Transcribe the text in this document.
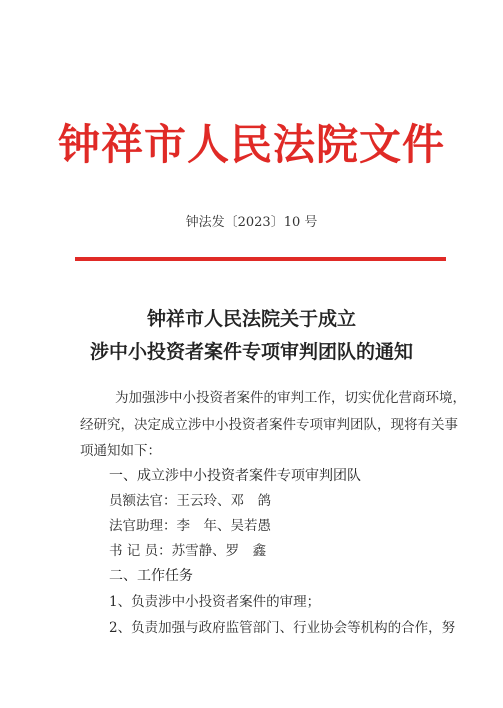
钟祥市人民法院文件
钟法发〔2023〕10 号
钟祥市人民法院关于成立
涉中小投资者案件专项审判团队的通知
为加强涉中小投资者案件的审判工作，切实优化营商环境，
经研究，决定成立涉中小投资者案件专项审判团队，现将有关事
项通知如下：
一、成立涉中小投资者案件专项审判团队
员额法官：王云玲、邓　鸽
法官助理：李　年、吴若愚
书 记 员：苏雪静、罗　鑫
二、工作任务
1、负责涉中小投资者案件的审理；
2、负责加强与政府监管部门、行业协会等机构的合作，努
